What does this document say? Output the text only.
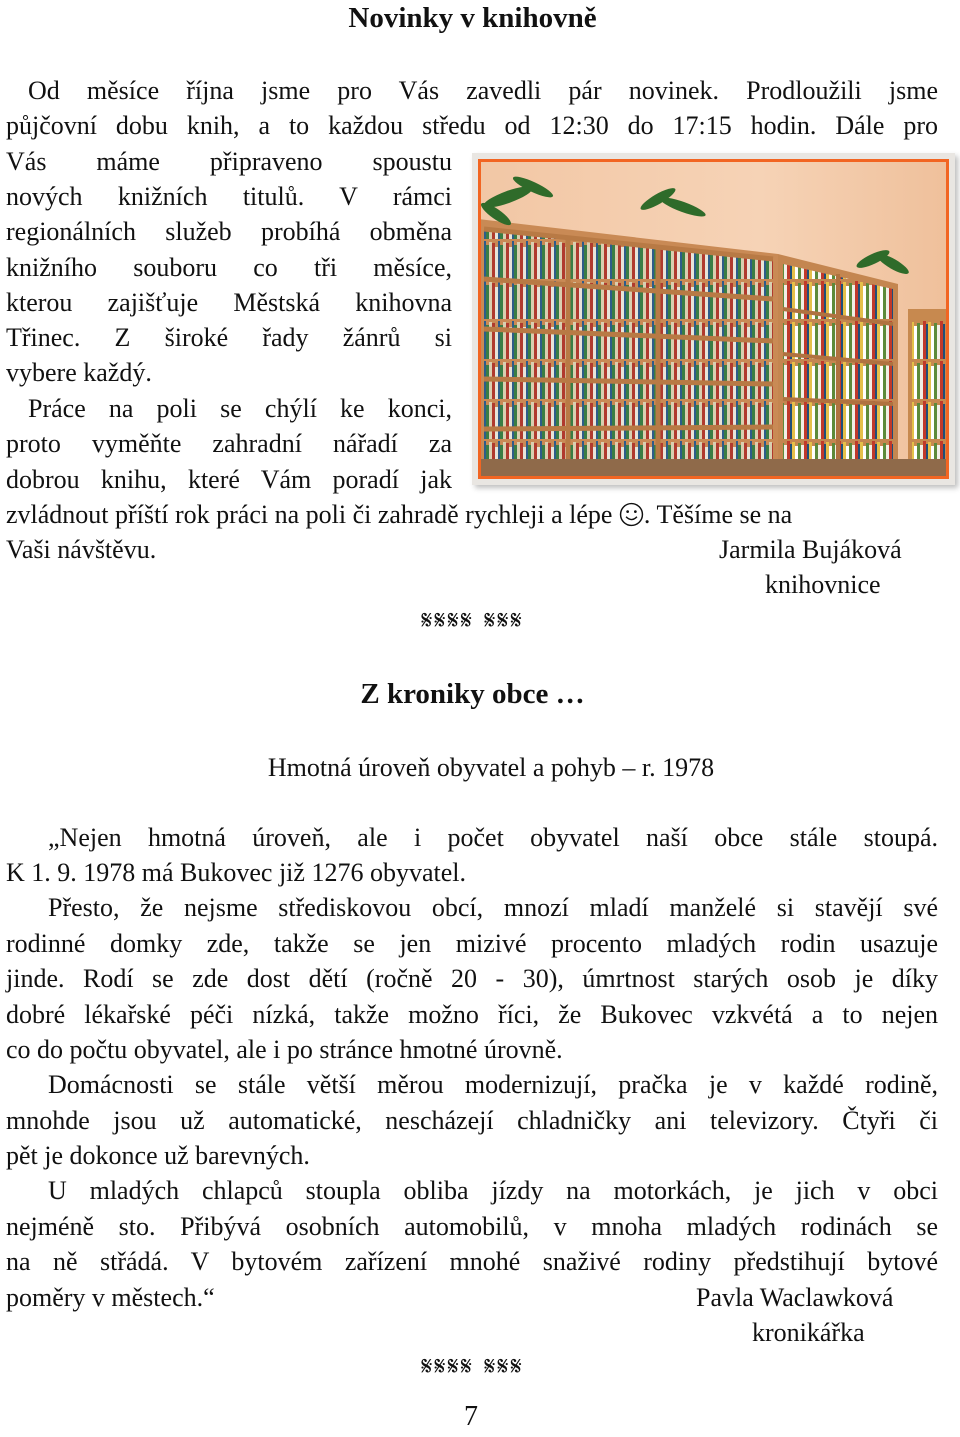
Novinky v knihovně

Od měsíce října jsme pro Vás zavedli pár novinek. Prodloužili jsme

půjčovní dobu knih, a to každou středu od 12:30 do 17:15 hodin. Dále pro

Vás máme připraveno spoustu

nových knižních titulů. V rámci

regionálních služeb probíhá obměna

knižního souboru co tři měsíce,

kterou zajišťuje Městská knihovna

Třinec. Z široké řady žánrů si

vybere každý.

Práce na poli se chýlí ke konci,

proto vyměňte zahradní nářadí za

dobrou knihu, které Vám poradí jak

zvládnout příští rok práci na poli či zahradě rychleji a lépe . Těšíme se na

Vaši návštěvu.	Jarmila Bujáková

knihovnice

𝄋𝄋𝄋𝄋 𝄋𝄋𝄋

Z kroniky obce …

Hmotná úroveň obyvatel a pohyb – r. 1978

„Nejen hmotná úroveň, ale i počet obyvatel naší obce stále stoupá.

K 1. 9. 1978 má Bukovec již 1276 obyvatel.

Přesto, že nejsme střediskovou obcí, mnozí mladí manželé si stavějí své

rodinné domky zde, takže se jen mizivé procento mladých rodin usazuje

jinde. Rodí se zde dost dětí (ročně 20 - 30), úmrtnost starých osob je díky

dobré lékařské péči nízká, takže možno říci, že Bukovec vzkvétá a to nejen

co do počtu obyvatel, ale i po stránce hmotné úrovně.

Domácnosti se stále větší měrou modernizují, pračka je v každé rodině,

mnohde jsou už automatické, nescházejí chladničky ani televizory. Čtyři či

pět je dokonce už barevných.

U mladých chlapců stoupla obliba jízdy na motorkách, je jich v obci

nejméně sto. Přibývá osobních automobilů, v mnoha mladých rodinách se

na ně střádá. V bytovém zařízení mnohé snaživé rodiny předstihují bytové

poměry v městech.“	Pavla Waclawková

kronikářka

𝄋𝄋𝄋𝄋 𝄋𝄋𝄋

7
